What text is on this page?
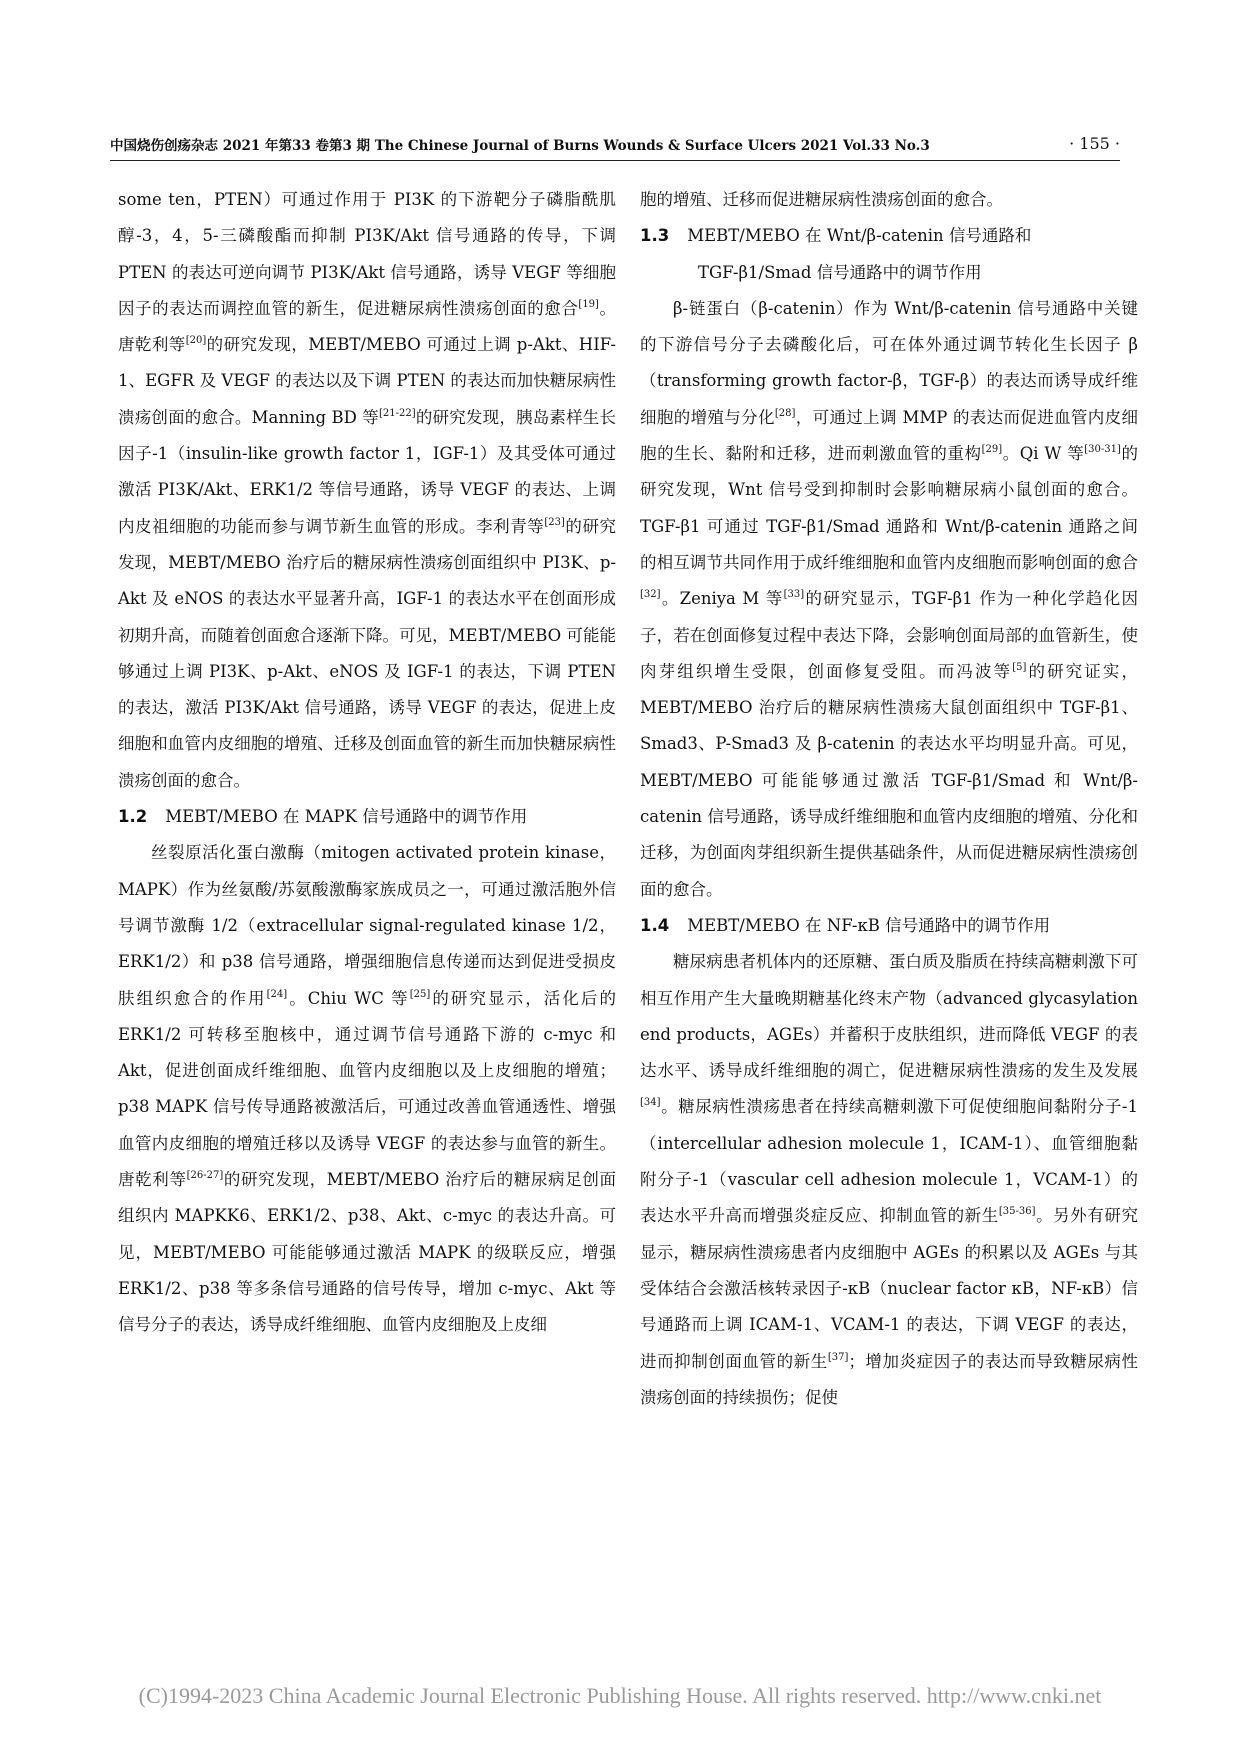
中国烧伤创疡杂志 2021 年第33 卷第3 期 The Chinese Journal of Burns Wounds & Surface Ulcers 2021 Vol.33 No.3	· 155 ·

some ten，PTEN）可通过作用于 PI3K 的下游靶分子磷脂酰肌醇-3，4，5-三磷酸酯而抑制 PI3K/Akt 信号通路的传导，下调 PTEN 的表达可逆向调节 PI3K/Akt 信号通路，诱导 VEGF 等细胞因子的表达而调控血管的新生，促进糖尿病性溃疡创面的愈合[19]。唐乾利等[20]的研究发现，MEBT/MEBO 可通过上调 p-Akt、HIF-1、EGFR 及 VEGF 的表达以及下调 PTEN 的表达而加快糖尿病性溃疡创面的愈合。Manning BD 等[21-22]的研究发现，胰岛素样生长因子-1（insulin-like growth factor 1，IGF-1）及其受体可通过激活 PI3K/Akt、ERK1/2 等信号通路，诱导 VEGF 的表达、上调内皮祖细胞的功能而参与调节新生血管的形成。李利青等[23]的研究发现，MEBT/MEBO 治疗后的糖尿病性溃疡创面组织中 PI3K、p-Akt 及 eNOS 的表达水平显著升高，IGF-1 的表达水平在创面形成初期升高，而随着创面愈合逐渐下降。可见，MEBT/MEBO 可能能够通过上调 PI3K、p-Akt、eNOS 及 IGF-1 的表达，下调 PTEN 的表达，激活 PI3K/Akt 信号通路，诱导 VEGF 的表达，促进上皮细胞和血管内皮细胞的增殖、迁移及创面血管的新生而加快糖尿病性溃疡创面的愈合。

1.2 MEBT/MEBO 在 MAPK 信号通路中的调节作用

丝裂原活化蛋白激酶（mitogen activated protein kinase，MAPK）作为丝氨酸/苏氨酸激酶家族成员之一，可通过激活胞外信号调节激酶 1/2（extracellular signal-regulated kinase 1/2，ERK1/2）和 p38 信号通路，增强细胞信息传递而达到促进受损皮肤组织愈合的作用[24]。Chiu WC 等[25]的研究显示，活化后的 ERK1/2 可转移至胞核中，通过调节信号通路下游的 c-myc 和 Akt，促进创面成纤维细胞、血管内皮细胞以及上皮细胞的增殖；p38 MAPK 信号传导通路被激活后，可通过改善血管通透性、增强血管内皮细胞的增殖迁移以及诱导 VEGF 的表达参与血管的新生。唐乾利等[26-27]的研究发现，MEBT/MEBO 治疗后的糖尿病足创面组织内 MAPKK6、ERK1/2、p38、Akt、c-myc 的表达升高。可见，MEBT/MEBO 可能能够通过激活 MAPK 的级联反应，增强 ERK1/2、p38 等多条信号通路的信号传导，增加 c-myc、Akt 等信号分子的表达，诱导成纤维细胞、血管内皮细胞及上皮细

胞的增殖、迁移而促进糖尿病性溃疡创面的愈合。

1.3 MEBT/MEBO 在 Wnt/β-catenin 信号通路和
TGF-β1/Smad 信号通路中的调节作用

β-链蛋白（β-catenin）作为 Wnt/β-catenin 信号通路中关键的下游信号分子去磷酸化后，可在体外通过调节转化生长因子 β（transforming growth factor-β，TGF-β）的表达而诱导成纤维细胞的增殖与分化[28]，可通过上调 MMP 的表达而促进血管内皮细胞的生长、黏附和迁移，进而刺激血管的重构[29]。Qi W 等[30-31]的研究发现，Wnt 信号受到抑制时会影响糖尿病小鼠创面的愈合。TGF-β1 可通过 TGF-β1/Smad 通路和 Wnt/β-catenin 通路之间的相互调节共同作用于成纤维细胞和血管内皮细胞而影响创面的愈合[32]。Zeniya M 等[33]的研究显示，TGF-β1 作为一种化学趋化因子，若在创面修复过程中表达下降，会影响创面局部的血管新生，使肉芽组织增生受限，创面修复受阻。而冯波等[5]的研究证实，MEBT/MEBO 治疗后的糖尿病性溃疡大鼠创面组织中 TGF-β1、Smad3、P-Smad3 及 β-catenin 的表达水平均明显升高。可见，MEBT/MEBO 可能能够通过激活 TGF-β1/Smad 和 Wnt/β-catenin 信号通路，诱导成纤维细胞和血管内皮细胞的增殖、分化和迁移，为创面肉芽组织新生提供基础条件，从而促进糖尿病性溃疡创面的愈合。

1.4 MEBT/MEBO 在 NF-κB 信号通路中的调节作用

糖尿病患者机体内的还原糖、蛋白质及脂质在持续高糖刺激下可相互作用产生大量晚期糖基化终末产物（advanced glycasylation end products，AGEs）并蓄积于皮肤组织，进而降低 VEGF 的表达水平、诱导成纤维细胞的凋亡，促进糖尿病性溃疡的发生及发展[34]。糖尿病性溃疡患者在持续高糖刺激下可促使细胞间黏附分子-1（intercellular adhesion molecule 1，ICAM-1）、血管细胞黏附分子-1（vascular cell adhesion molecule 1，VCAM-1）的表达水平升高而增强炎症反应、抑制血管的新生[35-36]。另外有研究显示，糖尿病性溃疡患者内皮细胞中 AGEs 的积累以及 AGEs 与其受体结合会激活核转录因子-κB（nuclear factor κB，NF-κB）信号通路而上调 ICAM-1、VCAM-1 的表达，下调 VEGF 的表达，进而抑制创面血管的新生[37]；增加炎症因子的表达而导致糖尿病性溃疡创面的持续损伤；促使

(C)1994-2023 China Academic Journal Electronic Publishing House. All rights reserved. http://www.cnki.net
